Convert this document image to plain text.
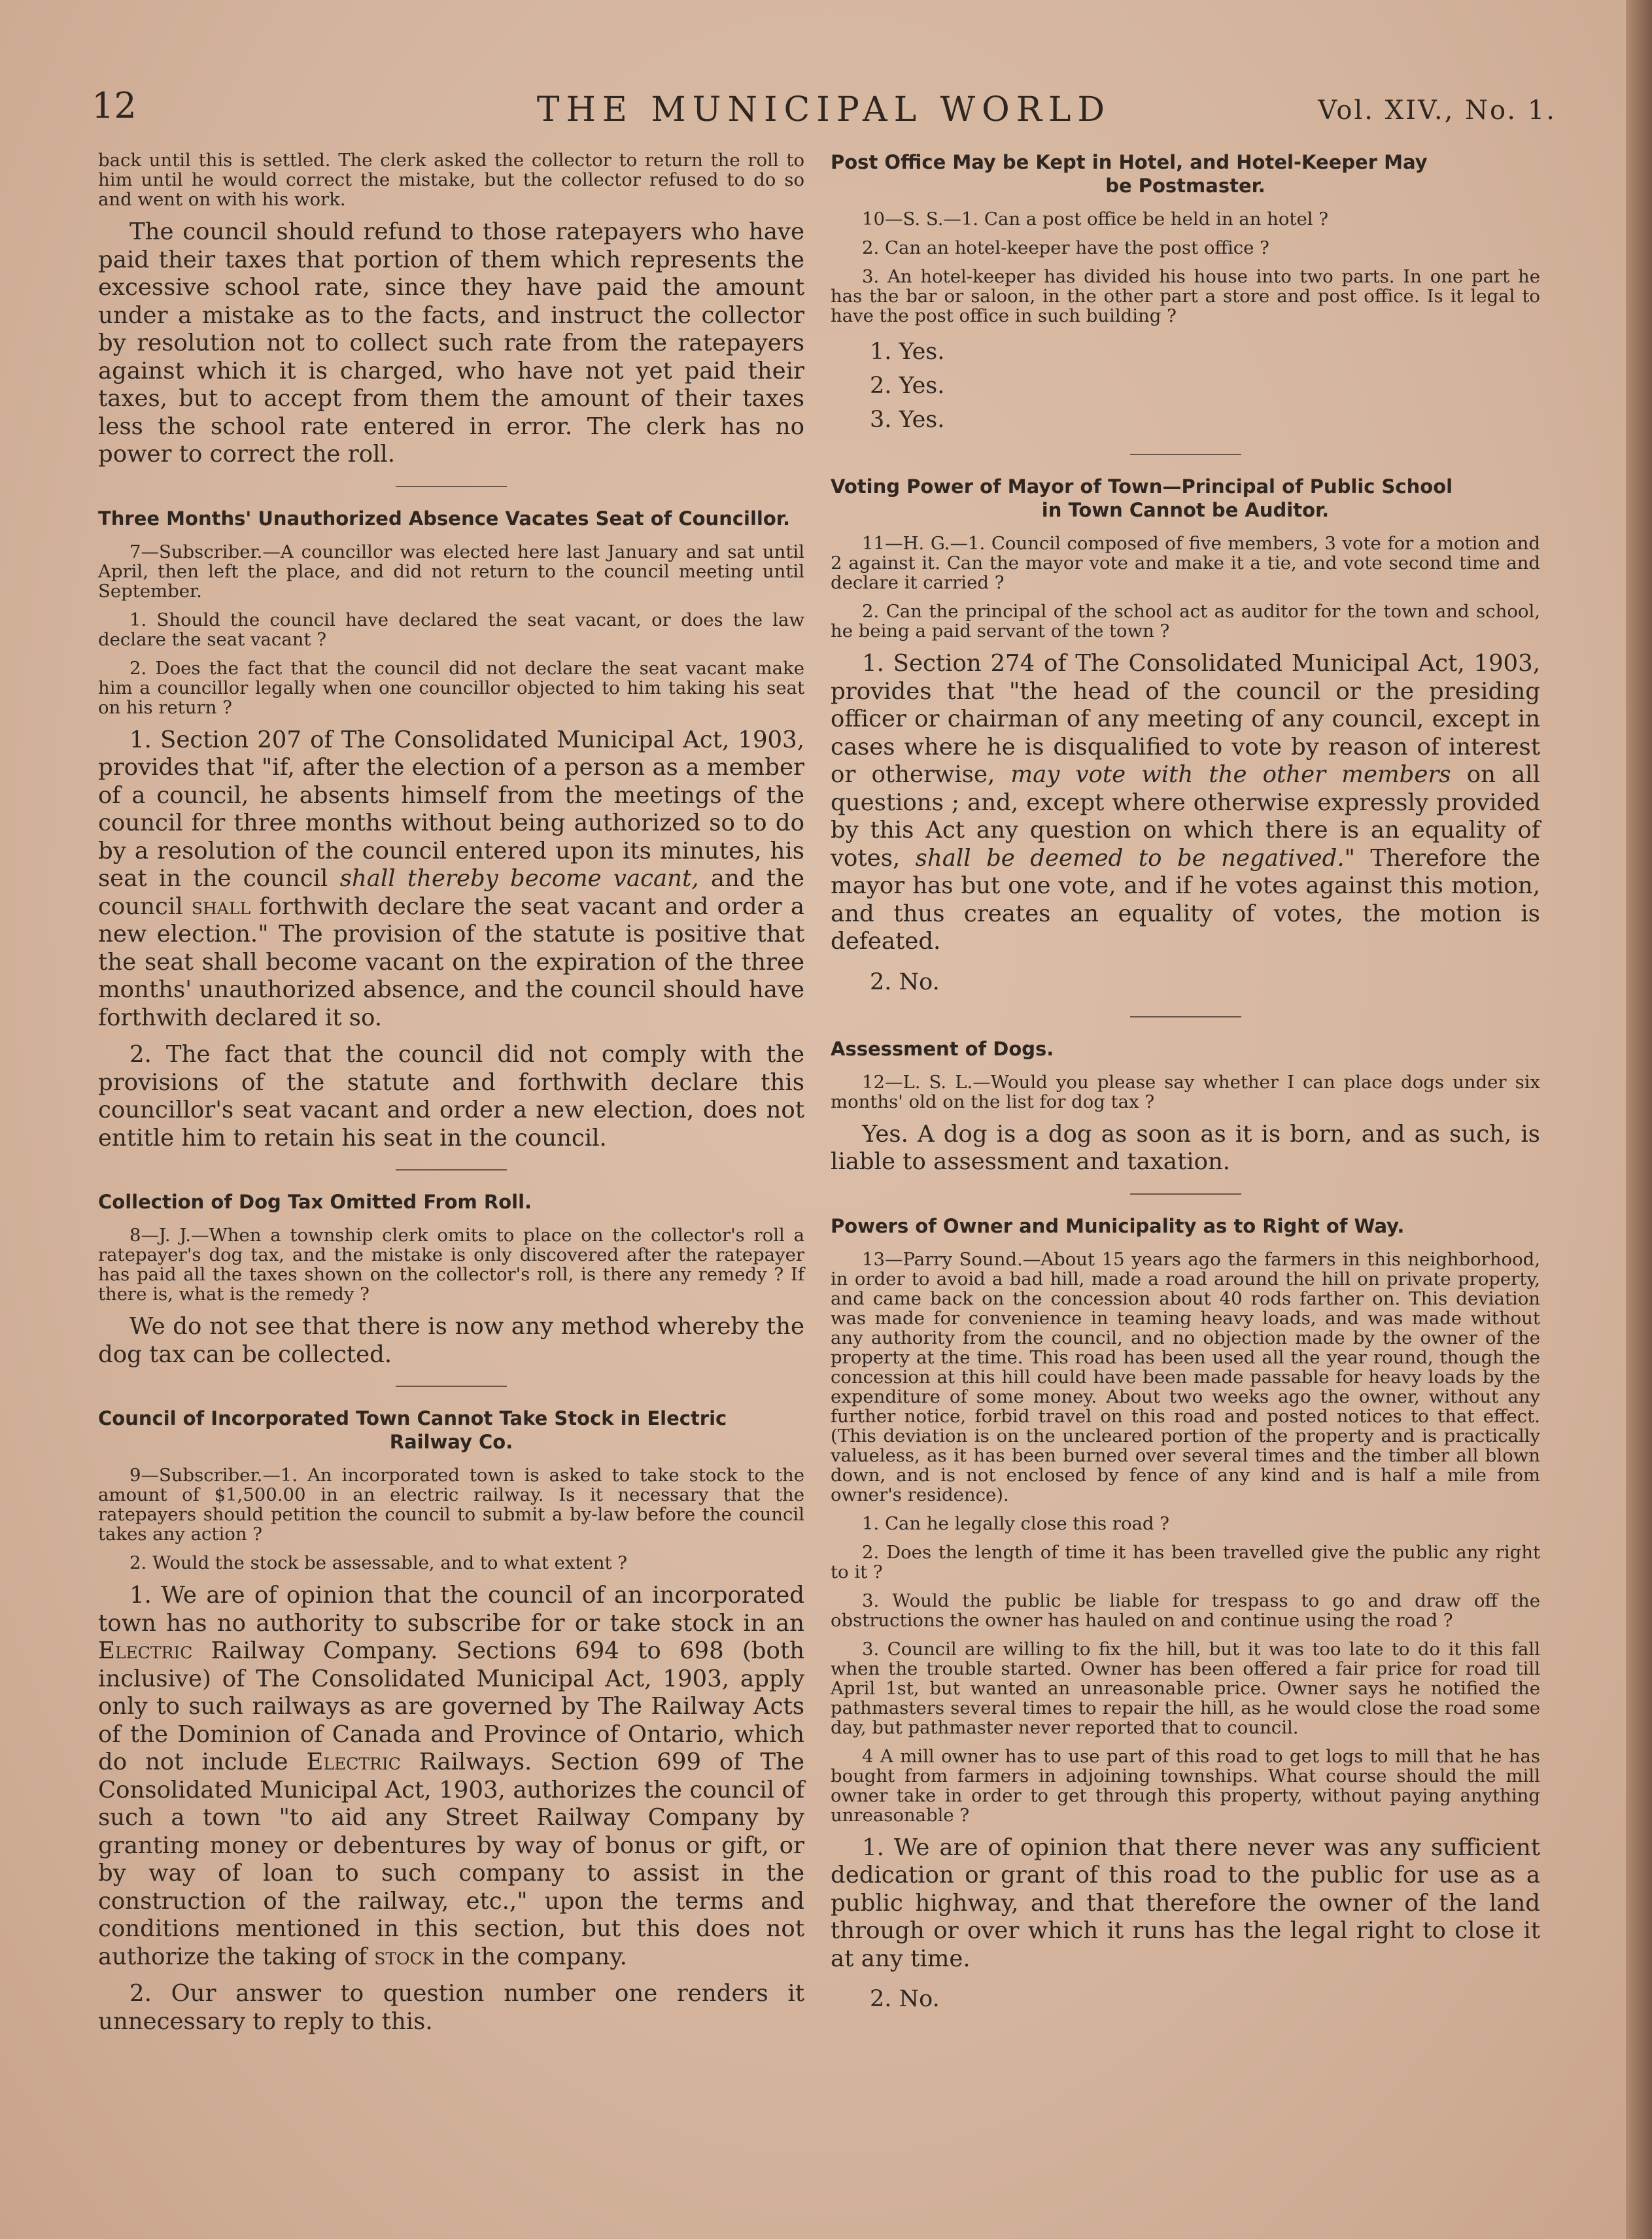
12	THE MUNICIPAL WORLD	Vol. XIV., No. 1.

back until this is settled. The clerk asked the collector to return the roll to him until he would correct the mistake, but the collector refused to do so and went on with his work.

The council should refund to those ratepayers who have paid their taxes that portion of them which represents the excessive school rate, since they have paid the amount under a mistake as to the facts, and instruct the collector by resolution not to collect such rate from the ratepayers against which it is charged, who have not yet paid their taxes, but to accept from them the amount of their taxes less the school rate entered in error. The clerk has no power to correct the roll.

Three Months' Unauthorized Absence Vacates Seat of Councillor.

7—Subscriber.—A councillor was elected here last January and sat until April, then left the place, and did not return to the council meeting until September.

1. Should the council have declared the seat vacant, or does the law declare the seat vacant ?

2. Does the fact that the council did not declare the seat vacant make him a councillor legally when one councillor objected to him taking his seat on his return ?

1. Section 207 of The Consolidated Municipal Act, 1903, provides that "if, after the election of a person as a member of a council, he absents himself from the meetings of the council for three months without being authorized so to do by a resolution of the council entered upon its minutes, his seat in the council shall thereby become vacant, and the council shall forthwith declare the seat vacant and order a new election." The provision of the statute is positive that the seat shall become vacant on the expiration of the three months' unauthorized absence, and the council should have forthwith declared it so.

2. The fact that the council did not comply with the provisions of the statute and forthwith declare this councillor's seat vacant and order a new election, does not entitle him to retain his seat in the council.

Collection of Dog Tax Omitted From Roll.

8—J. J.—When a township clerk omits to place on the collector's roll a ratepayer's dog tax, and the mistake is only discovered after the ratepayer has paid all the taxes shown on the collector's roll, is there any remedy ? If there is, what is the remedy ?

We do not see that there is now any method whereby the dog tax can be collected.

Council of Incorporated Town Cannot Take Stock in Electric
Railway Co.

9—Subscriber.—1. An incorporated town is asked to take stock to the amount of $1,500.00 in an electric railway. Is it necessary that the ratepayers should petition the council to submit a by-law before the council takes any action ?

2. Would the stock be assessable, and to what extent ?

1. We are of opinion that the council of an incorporated town has no authority to subscribe for or take stock in an Electric Railway Company. Sections 694 to 698 (both inclusive) of The Consolidated Municipal Act, 1903, apply only to such railways as are governed by The Railway Acts of the Dominion of Canada and Province of Ontario, which do not include Electric Railways. Section 699 of The Consolidated Municipal Act, 1903, authorizes the council of such a town "to aid any Street Railway Company by granting money or debentures by way of bonus or gift, or by way of loan to such company to assist in the construction of the railway, etc.," upon the terms and conditions mentioned in this section, but this does not authorize the taking of stock in the company.

2. Our answer to question number one renders it unnecessary to reply to this.

Post Office May be Kept in Hotel, and Hotel-Keeper May
be Postmaster.

10—S. S.—1. Can a post office be held in an hotel ?

2. Can an hotel-keeper have the post office ?

3. An hotel-keeper has divided his house into two parts. In one part he has the bar or saloon, in the other part a store and post office. Is it legal to have the post office in such building ?

1. Yes.
2. Yes.
3. Yes.
Voting Power of Mayor of Town—Principal of Public School
in Town Cannot be Auditor.

11—H. G.—1. Council composed of five members, 3 vote for a motion and 2 against it. Can the mayor vote and make it a tie, and vote second time and declare it carried ?

2. Can the principal of the school act as auditor for the town and school, he being a paid servant of the town ?

1. Section 274 of The Consolidated Municipal Act, 1903, provides that "the head of the council or the presiding officer or chairman of any meeting of any council, except in cases where he is disqualified to vote by reason of interest or otherwise, may vote with the other members on all questions ; and, except where otherwise expressly provided by this Act any question on which there is an equality of votes, shall be deemed to be negatived." Therefore the mayor has but one vote, and if he votes against this motion, and thus creates an equality of votes, the motion is defeated.

2. No.
Assessment of Dogs.

12—L. S. L.—Would you please say whether I can place dogs under six months' old on the list for dog tax ?

Yes. A dog is a dog as soon as it is born, and as such, is liable to assessment and taxation.

Powers of Owner and Municipality as to Right of Way.

13—Parry Sound.—About 15 years ago the farmers in this neighborhood, in order to avoid a bad hill, made a road around the hill on private property, and came back on the concession about 40 rods farther on. This deviation was made for convenience in teaming heavy loads, and was made without any authority from the council, and no objection made by the owner of the property at the time. This road has been used all the year round, though the concession at this hill could have been made passable for heavy loads by the expenditure of some money. About two weeks ago the owner, without any further notice, forbid travel on this road and posted notices to that effect. (This deviation is on the uncleared portion of the property and is practically valueless, as it has been burned over several times and the timber all blown down, and is not enclosed by fence of any kind and is half a mile from owner's residence).

1. Can he legally close this road ?

2. Does the length of time it has been travelled give the public any right to it ?

3. Would the public be liable for trespass to go and draw off the obstructions the owner has hauled on and continue using the road ?

3. Council are willing to fix the hill, but it was too late to do it this fall when the trouble started. Owner has been offered a fair price for road till April 1st, but wanted an unreasonable price. Owner says he notified the pathmasters several times to repair the hill, as he would close the road some day, but pathmaster never reported that to council.

4 A mill owner has to use part of this road to get logs to mill that he has bought from farmers in adjoining townships. What course should the mill owner take in order to get through this property, without paying anything unreasonable ?

1. We are of opinion that there never was any sufficient dedication or grant of this road to the public for use as a public highway, and that therefore the owner of the land through or over which it runs has the legal right to close it at any time.

2. No.
